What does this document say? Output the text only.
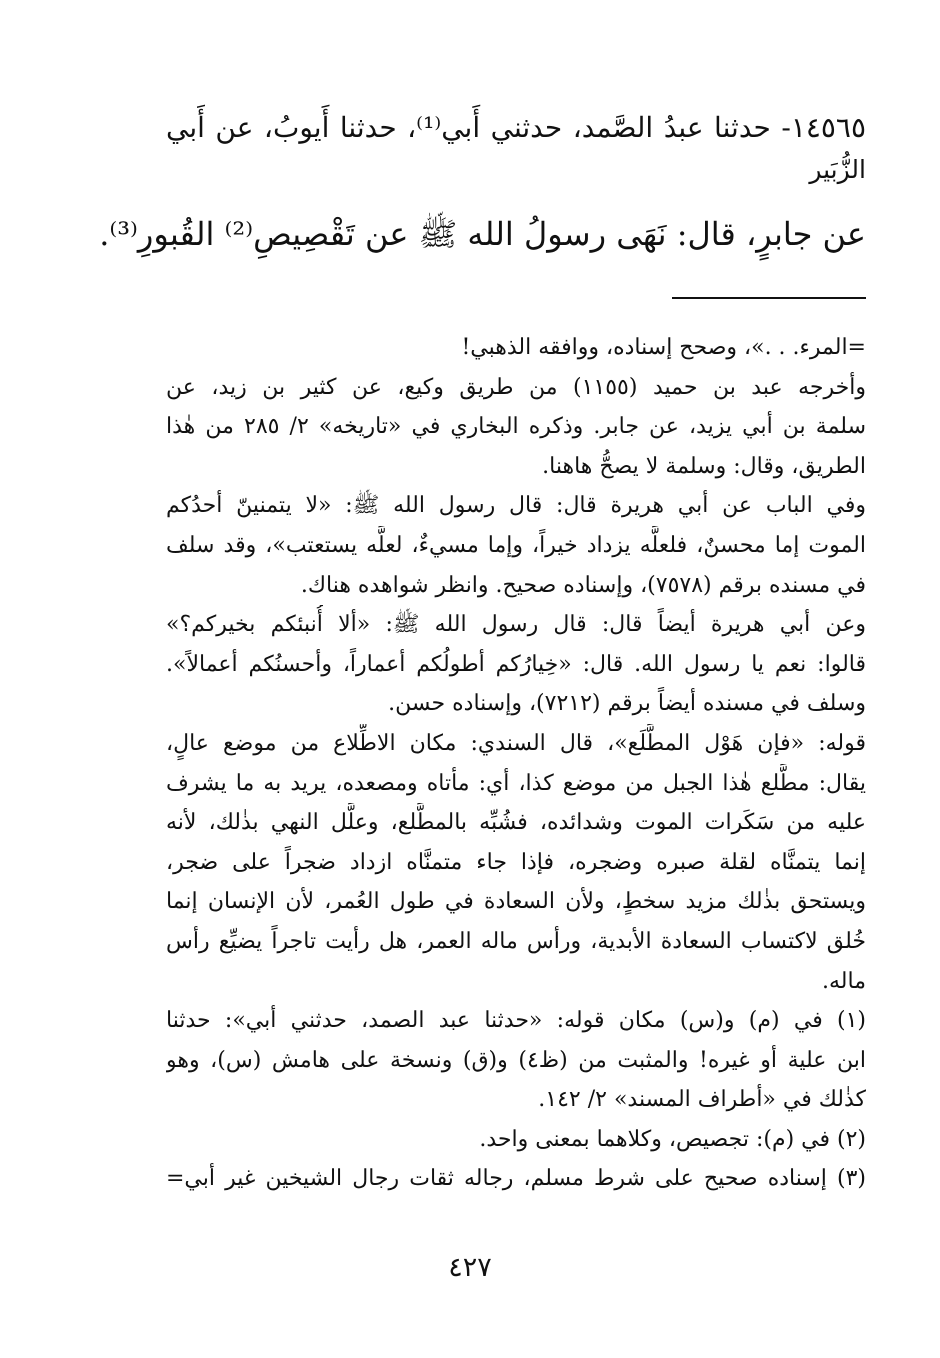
١٤٥٦٥- حدثنا عبدُ الصَّمد، حدثني أَبي⁽¹⁾، حدثنا أَيوبُ، عن أَبي

الزُّبَير

عن جابرٍ، قال: نَهَى رسولُ الله ﷺ عن تَقْصِيصِ⁽²⁾ القُبورِ⁽³⁾.

=المرء. . .»، وصحح إسناده، ووافقه الذهبي!
وأخرجه عبد بن حميد (١١٥٥) من طريق وكيع، عن كثير بن زيد، عن
سلمة بن أبي يزيد، عن جابر. وذكره البخاري في «تاريخه» ٢/ ٢٨٥ من هٰذا
الطريق، وقال: وسلمة لا يصحُّ هاهنا.
وفي الباب عن أبي هريرة قال: قال رسول الله ﷺ: «لا يتمنينّ أحدُكم
الموت إما محسنٌ، فلعلَّه يزداد خيراً، وإما مسيءٌ، لعلَّه يستعتب»، وقد سلف
في مسنده برقم (٧٥٧٨)، وإسناده صحيح. وانظر شواهده هناك.
وعن أبي هريرة أيضاً قال: قال رسول الله ﷺ: «ألا أُنبئكم بخيركم؟»
قالوا: نعم يا رسول الله. قال: «خِيارُكم أطولُكم أعماراً، وأحسنُكم أعمالاً».
وسلف في مسنده أيضاً برقم (٧٢١٢)، وإسناده حسن.
قوله: «فإن هَوْل المطَّلَع»، قال السندي: مكان الاطِّلاع من موضع عالٍ،
يقال: مطَّلع هٰذا الجبل من موضع كذا، أي: مأتاه ومصعده، يريد به ما يشرف
عليه من سَكَرات الموت وشدائده، فشُبِّه بالمطَّلع، وعلَّل النهي بذٰلك، لأنه
إنما يتمنَّاه لقلة صبره وضجره، فإذا جاء متمنَّاه ازداد ضجراً على ضجر،
ويستحق بذٰلك مزيد سخطٍ، ولأن السعادة في طول العُمر، لأن الإنسان إنما
خُلق لاكتساب السعادة الأبدية، ورأس ماله العمر، هل رأيت تاجراً يضيِّع رأس
ماله.
(١) في (م) و(س) مكان قوله: «حدثنا عبد الصمد، حدثني أبي»: حدثنا
ابن علية أو غيره! والمثبت من (ظ٤) و(ق) ونسخة على هامش (س)، وهو
كذٰلك في «أطراف المسند» ٢/ ١٤٢.
(٢) في (م): تجصيص، وكلاهما بمعنى واحد.
(٣) إسناده صحيح على شرط مسلم، رجاله ثقات رجال الشيخين غير أبي=
٤٢٧
